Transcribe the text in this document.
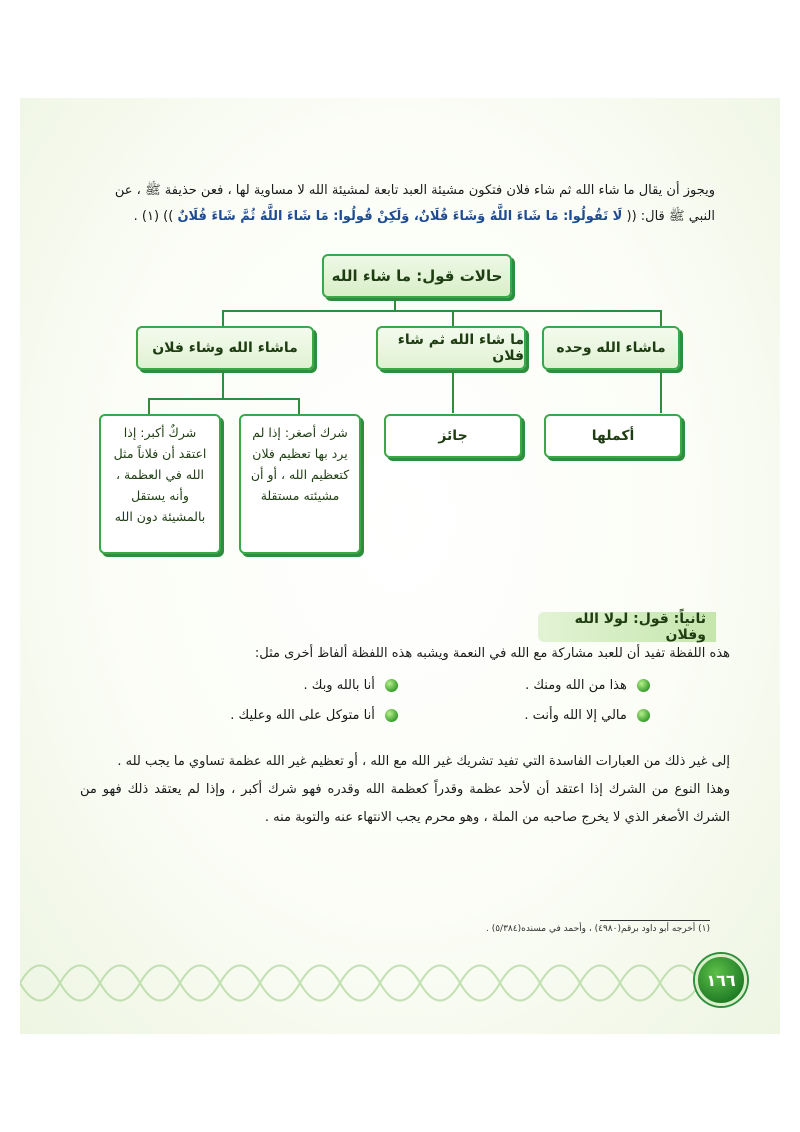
ويجوز أن يقال ما شاء الله ثم شاء فلان فتكون مشيئة العبد تابعة لمشيئة الله لا مساوية لها ، فعن حذيفة ﷺ ، عن
النبي ﷺ قال: (( لَا تَقُولُوا: مَا شَاءَ اللَّهُ وَشَاءَ فُلَانٌ، وَلَكِنْ قُولُوا: مَا شَاءَ اللَّهُ ثُمَّ شَاءَ فُلَانٌ )) (١) .
حالات قول: ما شاء الله
ماشاء الله وحده
ما شاء الله ثم شاء فلان
ماشاء الله وشاء فلان
أكملها
جائز
شرك أصغر: إذا لم يرد بها تعظيم فلان كتعظيم الله ، أو أن مشيئته مستقلة
شركٌ أكبر: إذا اعتقد أن فلاناً مثل الله في العظمة ، وأنه يستقل بالمشيئة دون الله
ثانياً: قول: لولا الله وفلان
هذه اللفظة تفيد أن للعبد مشاركة مع الله في النعمة ويشبه هذه اللفظة ألفاظ أخرى مثل:
هذا من الله ومنك .
أنا بالله وبك .
مالي إلا الله وأنت .
أنا متوكل على الله وعليك .
إلى غير ذلك من العبارات الفاسدة التي تفيد تشريك غير الله مع الله ، أو تعظيم غير الله عظمة تساوي ما يجب لله .
وهذا النوع من الشرك إذا اعتقد أن لأحد عظمة وقدراً كعظمة الله وقدره فهو شرك أكبر ، وإذا لم يعتقد ذلك فهو من الشرك الأصغر الذي لا يخرج صاحبه من الملة ، وهو محرم يجب الانتهاء عنه والتوبة منه .
(١) أخرجه أبو داود برقم(٤٩٨٠) ، وأحمد في مسنده(٥/٣٨٤) .
١٦٦
